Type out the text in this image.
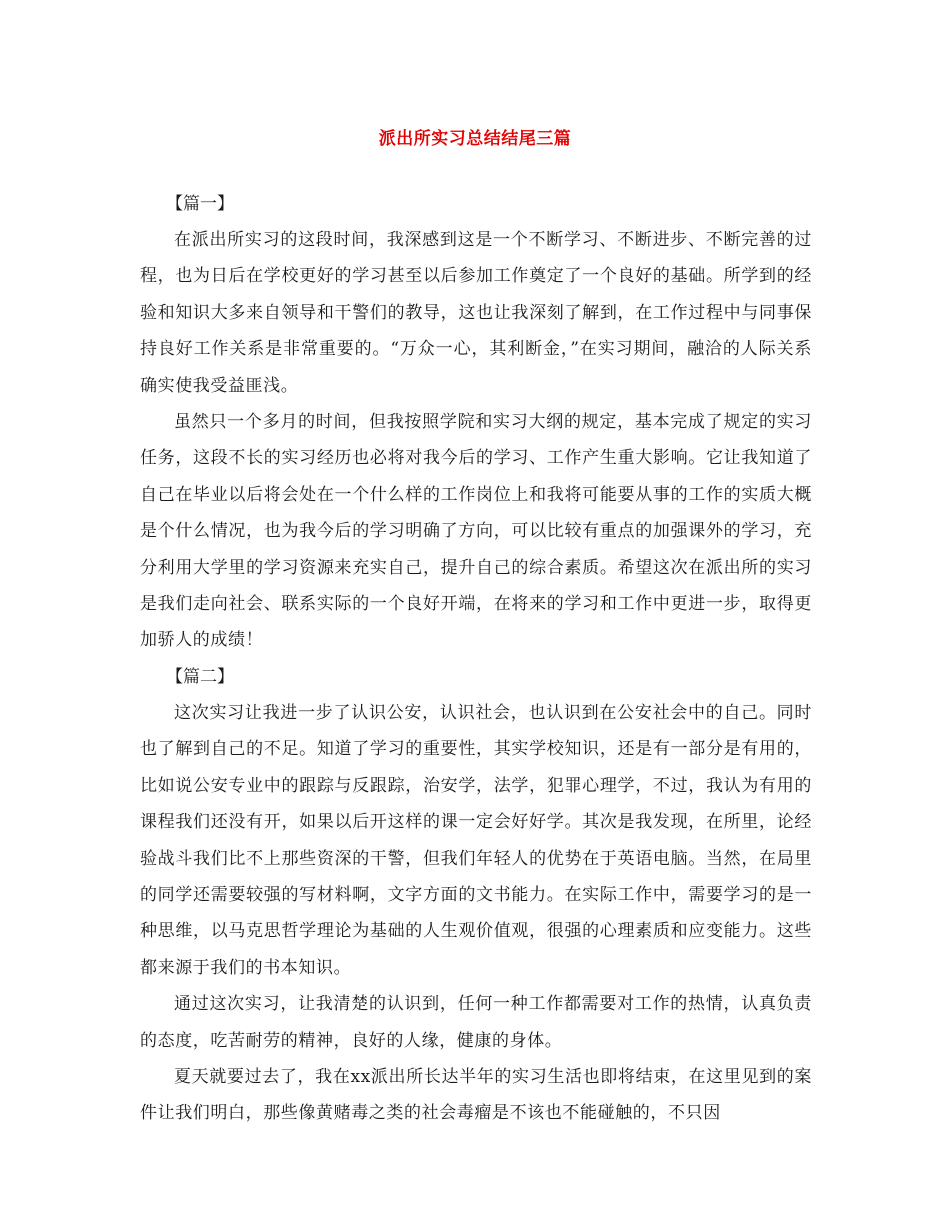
派出所实习总结结尾三篇
【篇一】

在派出所实习的这段时间，我深感到这是一个不断学习、不断进步、不断完善的过程，也为日后在学校更好的学习甚至以后参加工作奠定了一个良好的基础。所学到的经验和知识大多来自领导和干警们的教导，这也让我深刻了解到，在工作过程中与同事保持良好工作关系是非常重要的。“万众一心，其利断金，”在实习期间，融洽的人际关系确实使我受益匪浅。

虽然只一个多月的时间，但我按照学院和实习大纲的规定，基本完成了规定的实习任务，这段不长的实习经历也必将对我今后的学习、工作产生重大影响。它让我知道了自己在毕业以后将会处在一个什么样的工作岗位上和我将可能要从事的工作的实质大概是个什么情况，也为我今后的学习明确了方向，可以比较有重点的加强课外的学习，充分利用大学里的学习资源来充实自己，提升自己的综合素质。希望这次在派出所的实习是我们走向社会、联系实际的一个良好开端，在将来的学习和工作中更进一步，取得更加骄人的成绩！

【篇二】

这次实习让我进一步了认识公安，认识社会，也认识到在公安社会中的自己。同时也了解到自己的不足。知道了学习的重要性，其实学校知识，还是有一部分是有用的，比如说公安专业中的跟踪与反跟踪，治安学，法学，犯罪心理学，不过，我认为有用的课程我们还没有开，如果以后开这样的课一定会好好学。其次是我发现，在所里，论经验战斗我们比不上那些资深的干警，但我们年轻人的优势在于英语电脑。当然，在局里的同学还需要较强的写材料啊，文字方面的文书能力。在实际工作中，需要学习的是一种思维，以马克思哲学理论为基础的人生观价值观，很强的心理素质和应变能力。这些都来源于我们的书本知识。

通过这次实习，让我清楚的认识到，任何一种工作都需要对工作的热情，认真负责的态度，吃苦耐劳的精神，良好的人缘，健康的身体。

夏天就要过去了，我在xx派出所长达半年的实习生活也即将结束，在这里见到的案件让我们明白，那些像黄赌毒之类的社会毒瘤是不该也不能碰触的，不只因
